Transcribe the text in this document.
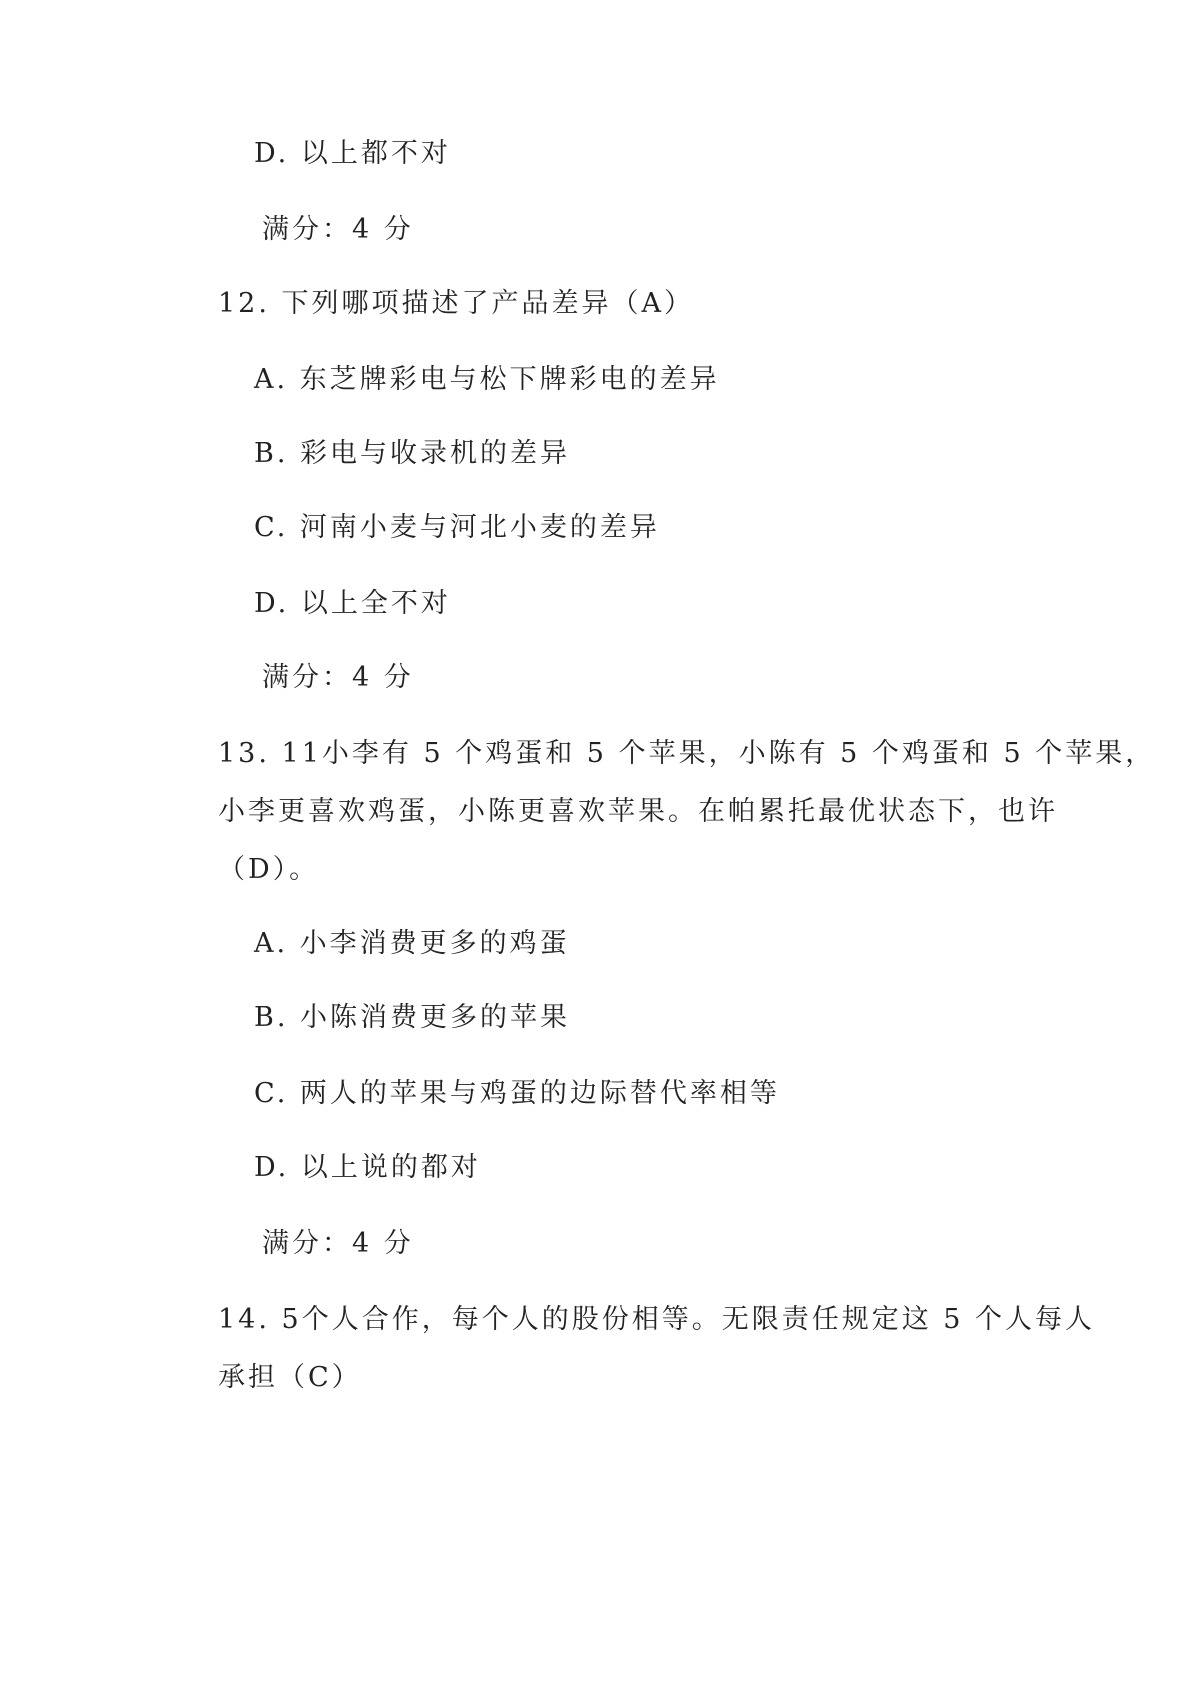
D. 以上都不对
满分：4 分
12. 下列哪项描述了产品差异（A）
A. 东芝牌彩电与松下牌彩电的差异
B. 彩电与收录机的差异
C. 河南小麦与河北小麦的差异
D. 以上全不对
满分：4 分
13. 11小李有 5 个鸡蛋和 5 个苹果，小陈有 5 个鸡蛋和 5 个苹果，
小李更喜欢鸡蛋，小陈更喜欢苹果。在帕累托最优状态下，也许
（D）。
A. 小李消费更多的鸡蛋
B. 小陈消费更多的苹果
C. 两人的苹果与鸡蛋的边际替代率相等
D. 以上说的都对
满分：4 分
14. 5个人合作，每个人的股份相等。无限责任规定这 5 个人每人
承担（C）
